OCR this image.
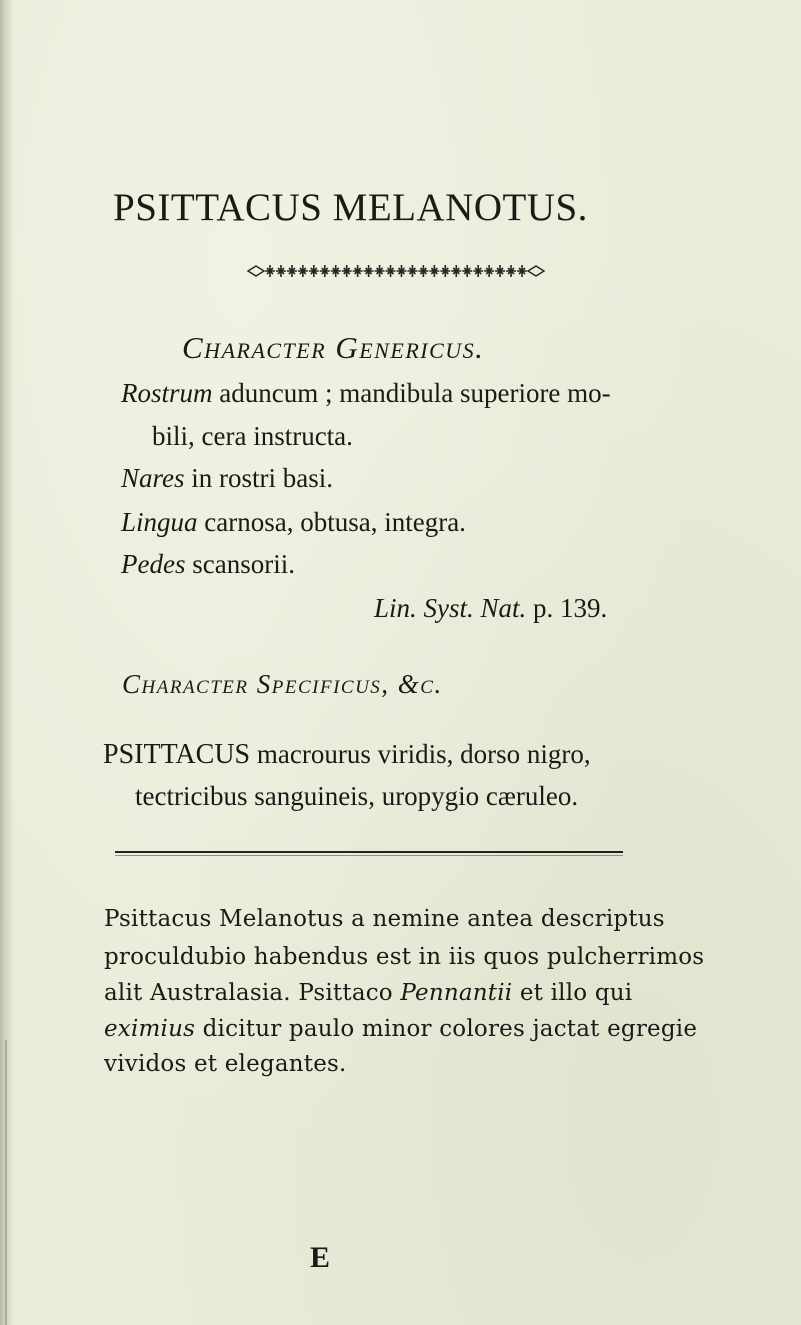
PSITTACUS MELANOTUS.
Character Genericus.
Rostrum aduncum ; mandibula superiore mo-
bili, cera instructa.
Nares in rostri basi.
Lingua carnosa, obtusa, integra.
Pedes scansorii.
Lin. Syst. Nat. p. 139.
Character Specificus, &c.
PSITTACUS macrourus viridis, dorso nigro,
tectricibus sanguineis, uropygio cæruleo.
Psittacus Melanotus a nemine antea descriptus
proculdubio habendus est in iis quos pulcherrimos
alit Australasia. Psittaco Pennantii et illo qui
eximius dicitur paulo minor colores jactat egregie
vividos et elegantes.
E
